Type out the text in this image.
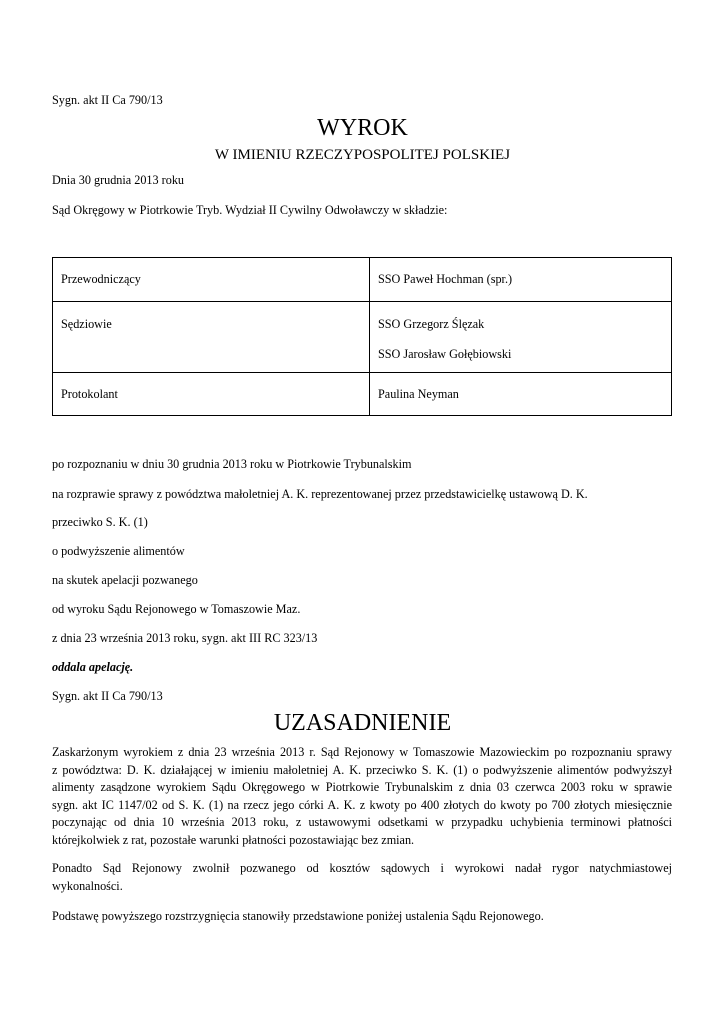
Sygn. akt II Ca 790/13

WYROK
W IMIENIU RZECZYPOSPOLITEJ POLSKIEJ

Dnia 30 grudnia 2013 roku

Sąd Okręgowy w Piotrkowie Tryb. Wydział II Cywilny Odwoławczy w składzie:

Przewodniczący	SSO Paweł Hochman (spr.)

Sędziowie	SSO Grzegorz Ślęzak
SSO Jarosław Gołębiowski

Protokolant	Paulina Neyman

po rozpoznaniu w dniu 30 grudnia 2013 roku w Piotrkowie Trybunalskim

na rozprawie sprawy z powództwa małoletniej A. K. reprezentowanej przez przedstawicielkę ustawową D. K.

przeciwko S. K. (1)

o podwyższenie alimentów

na skutek apelacji pozwanego

od wyroku Sądu Rejonowego w Tomaszowie Maz.

z dnia 23 września 2013 roku, sygn. akt III RC 323/13

oddala apelację.

Sygn. akt II Ca 790/13

UZASADNIENIE
Zaskarżonym wyrokiem z dnia 23 września 2013 r. Sąd Rejonowy w Tomaszowie Mazowieckim po rozpoznaniu sprawy
z powództwa: D. K. działającej w imieniu małoletniej A. K. przeciwko S. K. (1) o podwyższenie alimentów podwyższył
alimenty zasądzone wyrokiem Sądu Okręgowego w Piotrkowie Trybunalskim z dnia 03 czerwca 2003 roku w sprawie
sygn. akt IC 1147/02 od S. K. (1) na rzecz jego córki A. K. z kwoty po 400 złotych do kwoty po 700 złotych miesięcznie
poczynając od dnia 10 września 2013 roku, z ustawowymi odsetkami w przypadku uchybienia terminowi płatności
którejkolwiek z rat, pozostałe warunki płatności pozostawiając bez zmian.
Ponadto Sąd Rejonowy zwolnił pozwanego od kosztów sądowych i wyrokowi nadał rygor natychmiastowej
wykonalności.

Podstawę powyższego rozstrzygnięcia stanowiły przedstawione poniżej ustalenia Sądu Rejonowego.
